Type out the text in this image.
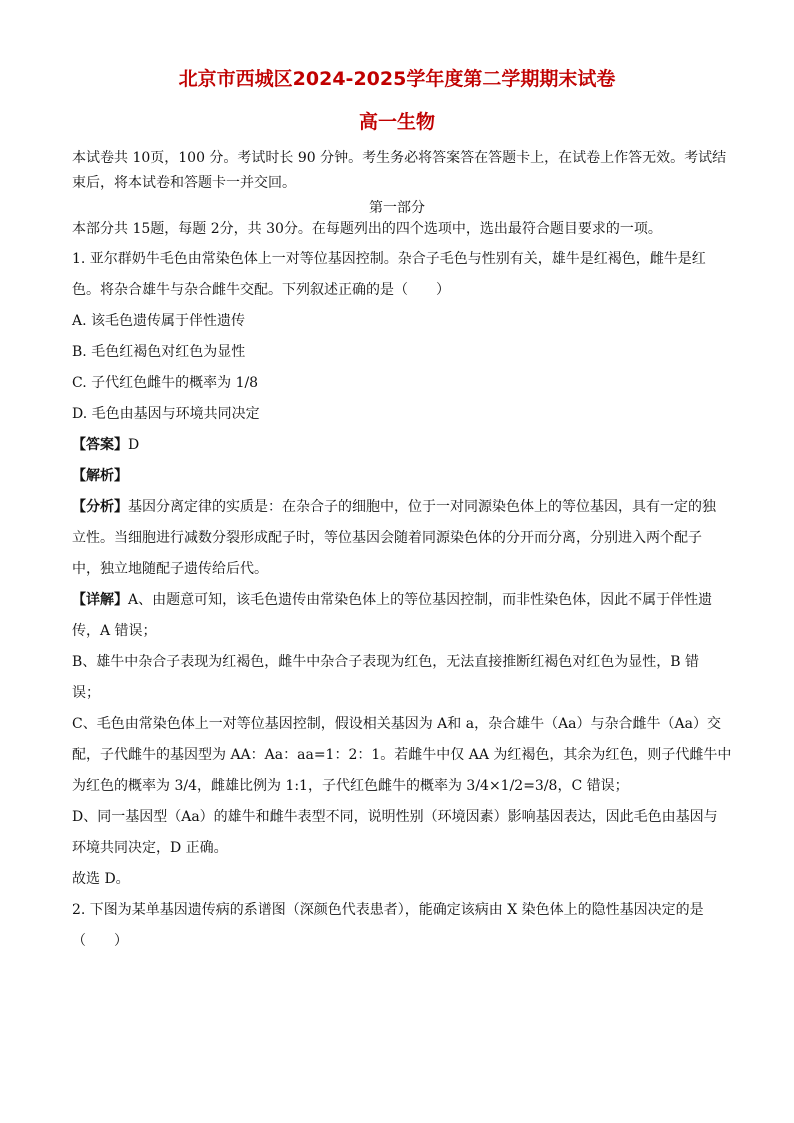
北京市西城区2024-2025学年度第二学期期末试卷
高一生物
本试卷共 10页，100 分。考试时长 90 分钟。考生务必将答案答在答题卡上，在试卷上作答无效。考试结
束后，将本试卷和答题卡一并交回。
第一部分
本部分共 15题，每题 2分，共 30分。在每题列出的四个选项中，选出最符合题目要求的一项。
1. 亚尔群奶牛毛色由常染色体上一对等位基因控制。杂合子毛色与性别有关，雄牛是红褐色，雌牛是红
色。将杂合雄牛与杂合雌牛交配。下列叙述正确的是（　　）
A. 该毛色遗传属于伴性遗传
B. 毛色红褐色对红色为显性
C. 子代红色雌牛的概率为 1/8
D. 毛色由基因与环境共同决定
【答案】D
【解析】
【分析】基因分离定律的实质是：在杂合子的细胞中，位于一对同源染色体上的等位基因，具有一定的独
立性。当细胞进行减数分裂形成配子时，等位基因会随着同源染色体的分开而分离，分别进入两个配子
中，独立地随配子遗传给后代。
【详解】A、由题意可知，该毛色遗传由常染色体上的等位基因控制，而非性染色体，因此不属于伴性遗
传，A 错误；
B、雄牛中杂合子表现为红褐色，雌牛中杂合子表现为红色，无法直接推断红褐色对红色为显性，B 错
误；
C、毛色由常染色体上一对等位基因控制，假设相关基因为 A和 a，杂合雄牛（Aa）与杂合雌牛（Aa）交
配，子代雌牛的基因型为 AA：Aa：aa=1：2：1。若雌牛中仅 AA 为红褐色，其余为红色，则子代雌牛中
为红色的概率为 3/4，雌雄比例为 1:1，子代红色雌牛的概率为 3/4×1/2=3/8，C 错误；
D、同一基因型（Aa）的雄牛和雌牛表型不同，说明性别（环境因素）影响基因表达，因此毛色由基因与
环境共同决定，D 正确。
故选 D。
2. 下图为某单基因遗传病的系谱图（深颜色代表患者），能确定该病由 X 染色体上的隐性基因决定的是
（　　）
